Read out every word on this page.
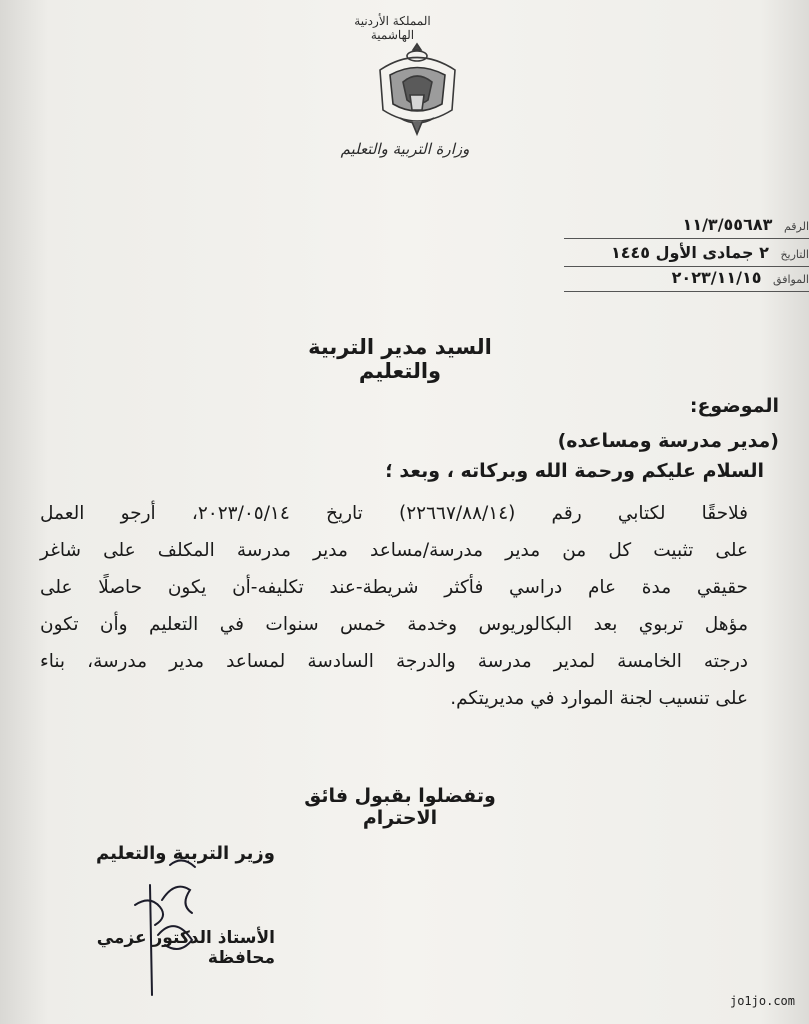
المملكة الأردنية الهاشمية
وزارة التربية والتعليم
الرقم ١١/٣/٥٥٦٨٣
التاريخ ٢ جمادى الأول ١٤٤٥
الموافق ٢٠٢٣/١١/١٥
السيد مدير التربية والتعليم
الموضوع:
(مدير مدرسة ومساعده)
السلام عليكم ورحمة الله وبركاته ، وبعد ؛
فلاحقًا لكتابي رقم (٢٢٦٦٧/٨٨/١٤) تاريخ ٢٠٢٣/٠٥/١٤، أرجو العمل
على تثبيت كل من مدير مدرسة/مساعد مدير مدرسة المكلف على شاغر
حقيقي مدة عام دراسي فأكثر شريطة-عند تكليفه-أن يكون حاصلًا على
مؤهل تربوي بعد البكالوريوس وخدمة خمس سنوات في التعليم وأن تكون
درجته الخامسة لمدير مدرسة والدرجة السادسة لمساعد مدير مدرسة، بناء
على تنسيب لجنة الموارد في مديريتكم.
وتفضلوا بقبول فائق الاحترام
وزير التربية والتعليم
الأستاذ الدكتور عزمي محافظة
jo1jo.com
